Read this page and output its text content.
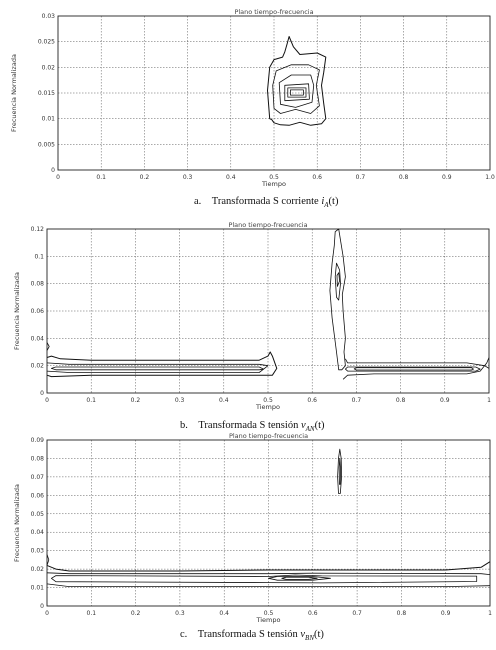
0	0.1	0.2	0.3	0.4	0.5	0.6	0.7	0.8	0.9	1.0
0
0.005
0.01
0.015
0.02
0.025
0.03
Plano tiempo-frecuencia
Tiempo
Frecuencia Normalizada
0	0.1	0.2	0.3	0.4	0.5	0.6	0.7	0.8	0.9	1
0
0.02
0.04
0.06
0.08
0.1
0.12
Plano tiempo-frecuencia
Tiempo
Frecuencia Normalizada
0	0.1	0.2	0.3	0.4	0.5	0.6	0.7	0.8	0.9	1
0
0.01
0.02
0.03
0.04
0.05
0.06
0.07
0.08
0.09
Plano tiempo-frecuencia
Tiempo
Frecuencia Normalizada
a. Transformada S corriente $i_A(t)$
b. Transformada S tensión $v_{AN}(t)$
c. Transformada S tensión $v_{BN}(t)$
